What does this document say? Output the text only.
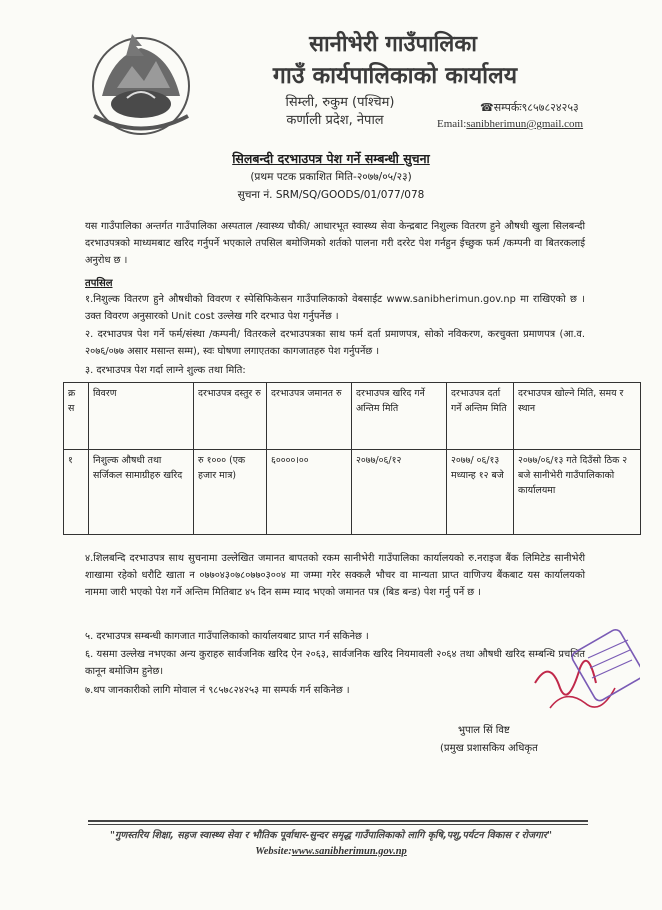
सानीभेरी गाउँपालिका
गाउँ कार्यपालिकाको कार्यालय
सिम्ली, रुकुम (पश्चिम)
कर्णाली प्रदेश, नेपाल
☎सम्पर्कः९८५७८२४२५३
Email:sanibherimun@gmail.com
सिलबन्दी दरभाउपत्र पेश गर्ने सम्बन्धी सुचना
(प्रथम पटक प्रकाशित मिति-२०७७/०५/२३)
सुचना नं. SRM/SQ/GOODS/01/077/078
यस गाउँपालिका अन्तर्गत गाउँपालिका अस्पताल /स्वास्थ्य चौकी/ आधारभूत स्वास्थ्य सेवा केन्द्रबाट निशुल्क वितरण हुने औषधी खुला सिलबन्दी दरभाउपत्रको माध्यमबाट खरिद गर्नुपर्ने भएकाले तपसिल बमोजिमको शर्तको पालना गरी दररेट पेश गर्नहुन ईच्छुक फर्म /कम्पनी वा बितरकलाई अनुरोध छ ।
तपसिल
१.निशुल्क वितरण हुने औषधीको विवरण र स्पेसिफिकेसन गाउँपालिकाको वेबसाईट www.sanibherimun.gov.np मा राखिएको छ । उक्त विवरण अनुसारको Unit cost उल्लेख गरि दरभाउ पेश गर्नुपर्नेछ ।
२. दरभाउपत्र पेश गर्ने फर्म/संस्था /कम्पनी/ वितरकले दरभाउपत्रका साथ फर्म दर्ता प्रमाणपत्र, सोको नविकरण, करचुक्ता प्रमाणपत्र (आ.व. २०७६/०७७ असार मसान्त सम्म), स्वः घोषणा लगाएतका कागजातहरु पेश गर्नुपर्नेछ ।
३. दरभाउपत्र पेश गर्दा लाग्ने शुल्क तथा मिति:
क्र स	विवरण	दरभाउपत्र दस्तुर रु	दरभाउपत्र जमानत रु	दरभाउपत्र खरिद गर्ने अन्तिम मिति	दरभाउपत्र दर्ता गर्ने अन्तिम मिति	दरभाउपत्र खोल्ने मिति, समय र स्थान
१	निशुल्क औषधी तथा सर्जिकल सामाग्रीहरु खरिद	रु १००० (एक हजार मात्र)	६००००।००	२०७७/०६/१२	२०७७/ ०६/१३ मध्यान्ह १२ बजे	२०७७/०६/१३ गते दिउँसो ठिक २ बजे सानीभेरी गाउँपालिकाको कार्यालयमा
४.शिलबन्दि दरभाउपत्र साथ सुचनामा उल्लेखित जमानत बापतको रकम सानीभेरी गाउँपालिका कार्यालयको रु.नराइज बैंक लिमिटेड सानीभेरी शाखामा रहेको धरौटि खाता न ०७७०४३०७८०७७०३००४ मा जम्मा गरेर सक्कलै भौचर वा मान्यता प्राप्त वाणिज्य बैंकबाट यस कार्यालयको नाममा जारी भएको पेश गर्ने अन्तिम मितिबाट ४५ दिन सम्म म्याद भएको जमानत पत्र (बिड बन्ड) पेश गर्नु पर्ने छ ।
५. दरभाउपत्र सम्बन्धी कागजात गाउँपालिकाको कार्यालयबाट प्राप्त गर्न सकिनेछ ।
६. यसमा उल्लेख नभएका अन्य कुराहरु सार्वजनिक खरिद ऐन २०६३, सार्वजनिक खरिद नियमावली २०६४ तथा औषधी खरिद सम्बन्धि प्रचलित कानून बमोजिम हुनेछ।
७.थप जानकारीको लागि मोवाल नं ९८५७८२४२५३ मा सम्पर्क गर्न सकिनेछ ।
भुपाल सिं विष्ट
(प्रमुख प्रशासकिय अधिकृत
"गुणस्तरिय शिक्षा, सहज स्वास्थ्य सेवा र भौतिक पूर्वाधार-सुन्दर समृद्ध गाउँपालिकाको लागि कृषि,पशु,पर्यटन विकास र रोजगार"
Website:www.sanibherimun.gov.np
